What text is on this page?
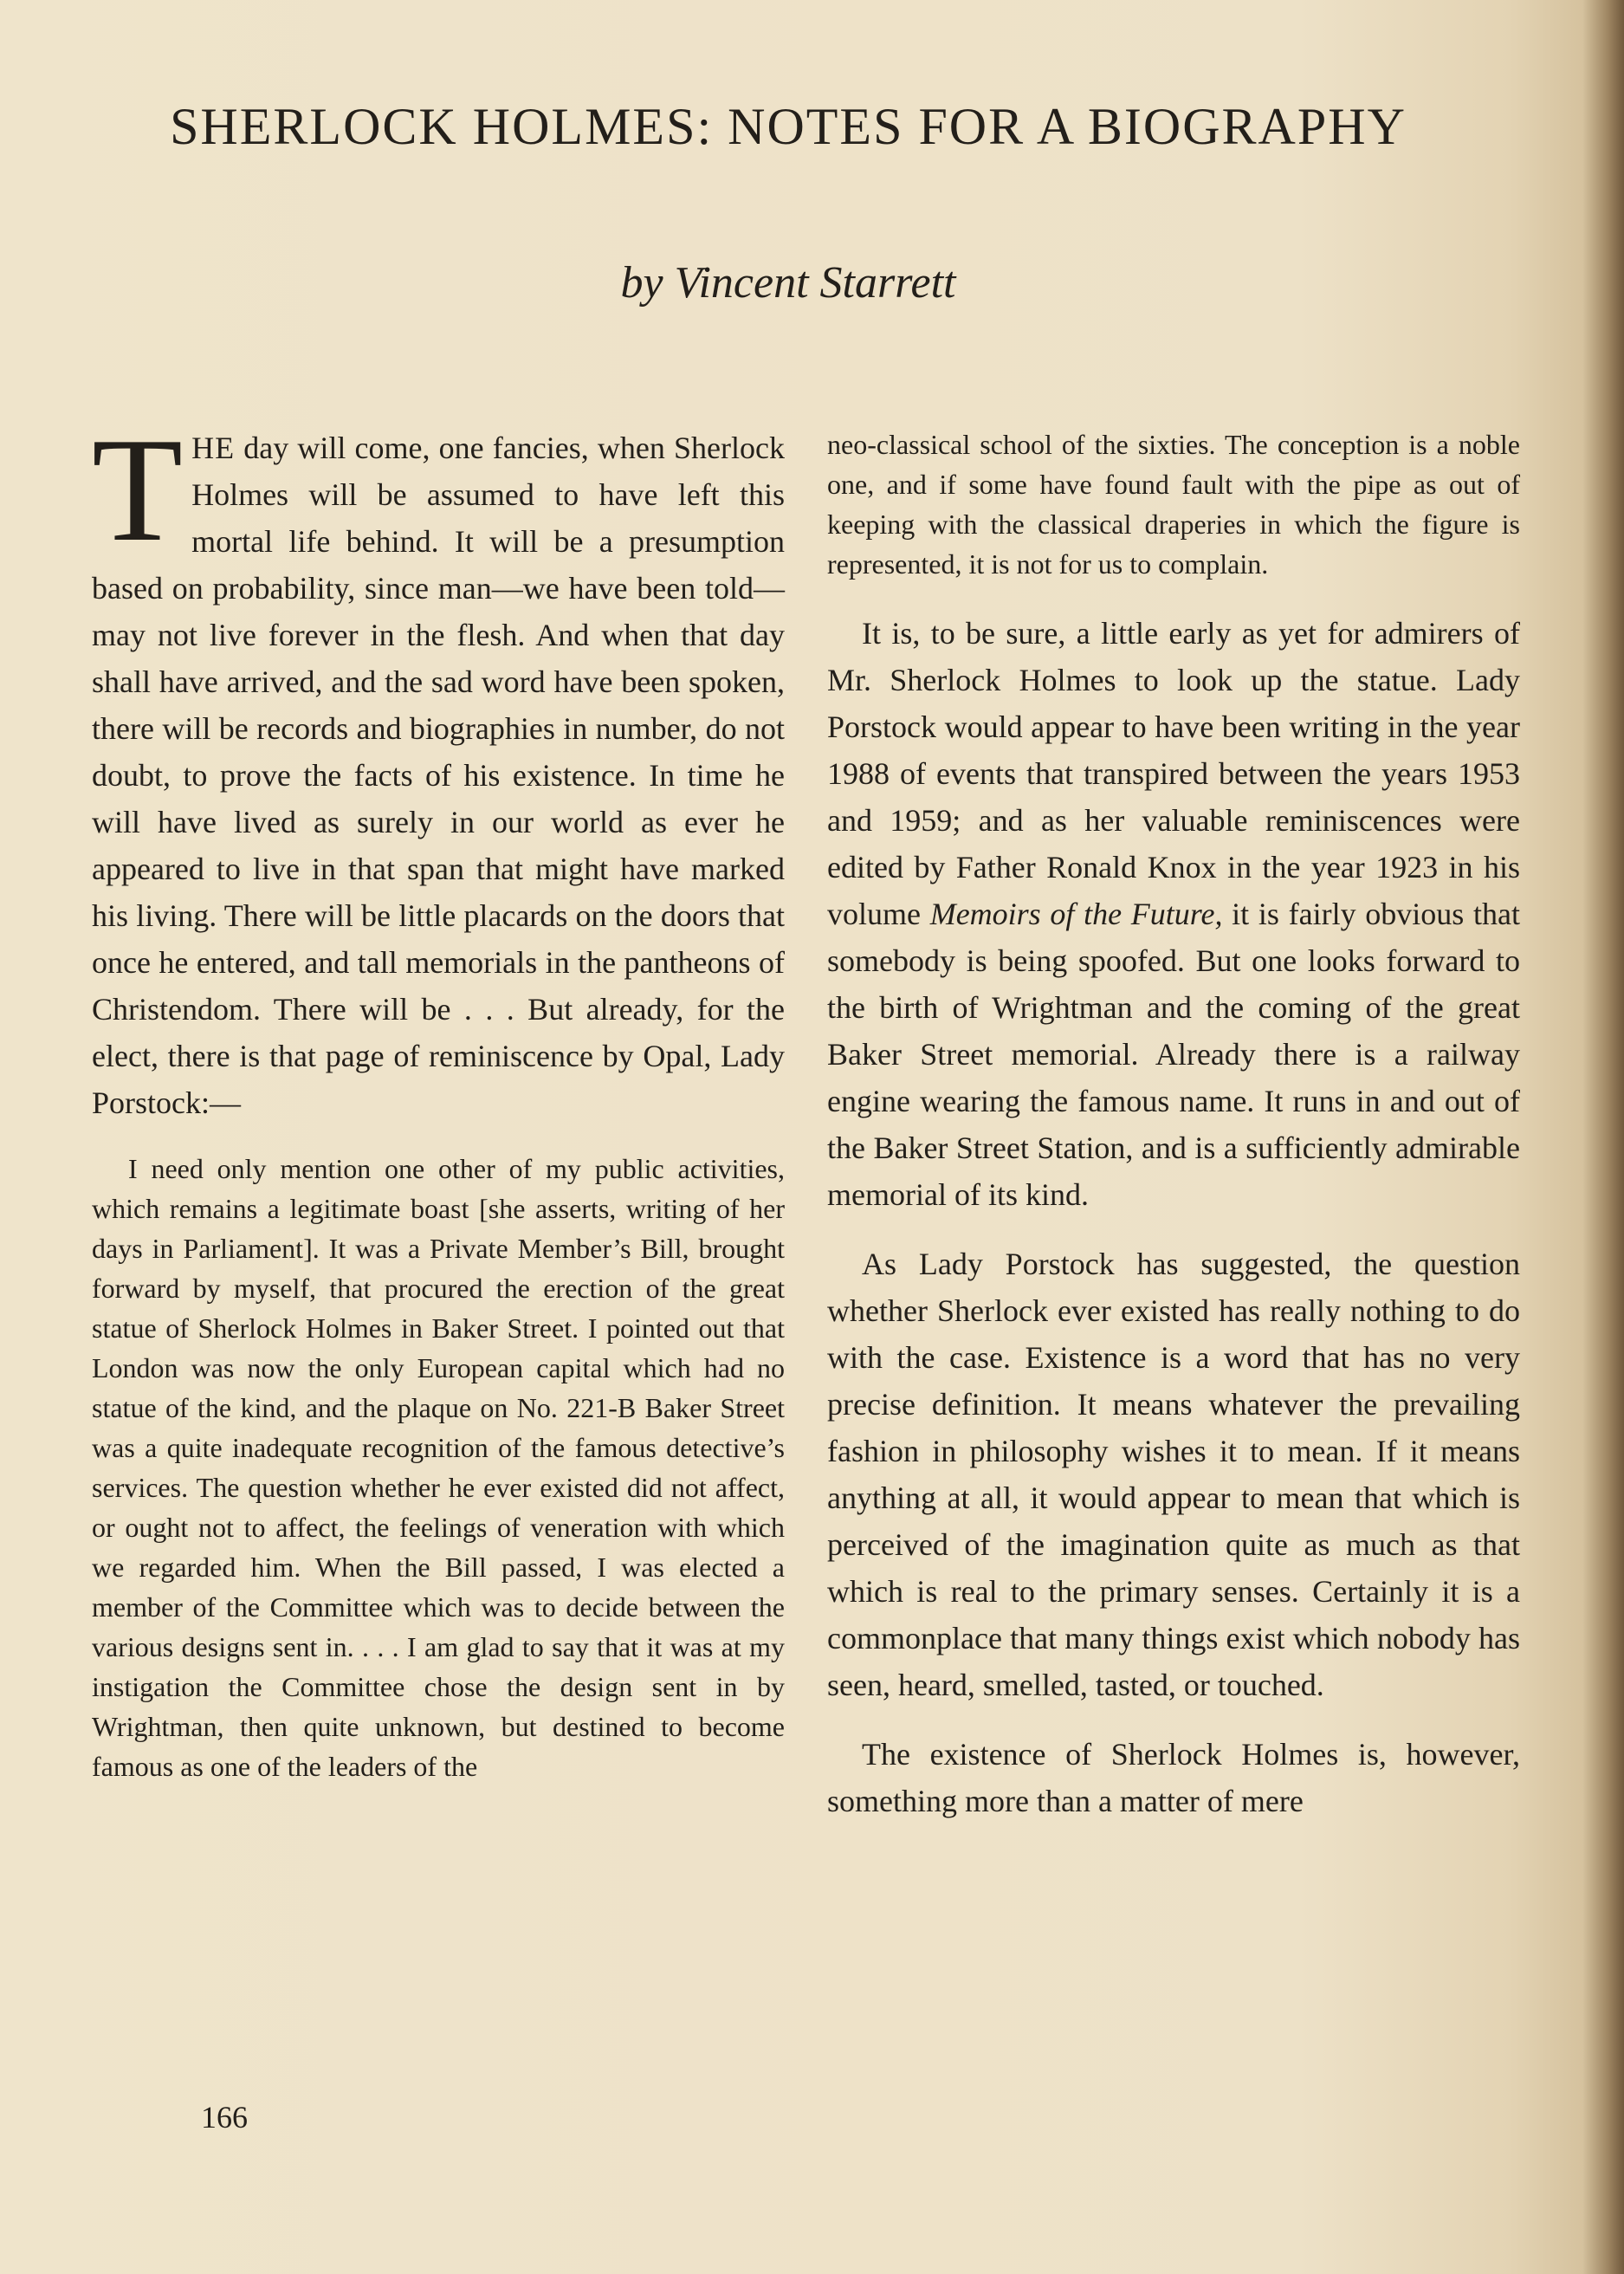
SHERLOCK HOLMES: NOTES FOR A BIOGRAPHY
by Vincent Starrett

THE day will come, one fancies, when Sherlock Holmes will be assumed to have left this mortal life behind. It will be a presumption based on probability, since man—we have been told—may not live forever in the flesh. And when that day shall have arrived, and the sad word have been spoken, there will be records and biographies in number, do not doubt, to prove the facts of his existence. In time he will have lived as surely in our world as ever he appeared to live in that span that might have marked his living. There will be little placards on the doors that once he entered, and tall memorials in the pantheons of Christendom. There will be . . . But already, for the elect, there is that page of reminiscence by Opal, Lady Porstock:—

I need only mention one other of my public activities, which remains a legitimate boast [she asserts, writing of her days in Parliament]. It was a Private Member’s Bill, brought forward by myself, that procured the erection of the great statue of Sherlock Holmes in Baker Street. I pointed out that London was now the only European capital which had no statue of the kind, and the plaque on No. 221-B Baker Street was a quite inadequate recognition of the famous detective’s services. The question whether he ever existed did not affect, or ought not to affect, the feelings of veneration with which we regarded him. When the Bill passed, I was elected a member of the Committee which was to decide between the various designs sent in. . . . I am glad to say that it was at my instigation the Committee chose the design sent in by Wrightman, then quite unknown, but destined to become famous as one of the leaders of the

neo-classical school of the sixties. The conception is a noble one, and if some have found fault with the pipe as out of keeping with the classical draperies in which the figure is represented, it is not for us to complain.

It is, to be sure, a little early as yet for admirers of Mr. Sherlock Holmes to look up the statue. Lady Porstock would appear to have been writing in the year 1988 of events that transpired between the years 1953 and 1959; and as her valuable reminiscences were edited by Father Ronald Knox in the year 1923 in his volume Memoirs of the Future, it is fairly obvious that somebody is being spoofed. But one looks forward to the birth of Wrightman and the coming of the great Baker Street memorial. Already there is a railway engine wearing the famous name. It runs in and out of the Baker Street Station, and is a sufficiently admirable memorial of its kind.

As Lady Porstock has suggested, the question whether Sherlock ever existed has really nothing to do with the case. Existence is a word that has no very precise definition. It means whatever the prevailing fashion in philosophy wishes it to mean. If it means anything at all, it would appear to mean that which is perceived of the imagination quite as much as that which is real to the primary senses. Certainly it is a commonplace that many things exist which nobody has seen, heard, smelled, tasted, or touched.

The existence of Sherlock Holmes is, however, something more than a matter of mere

166
